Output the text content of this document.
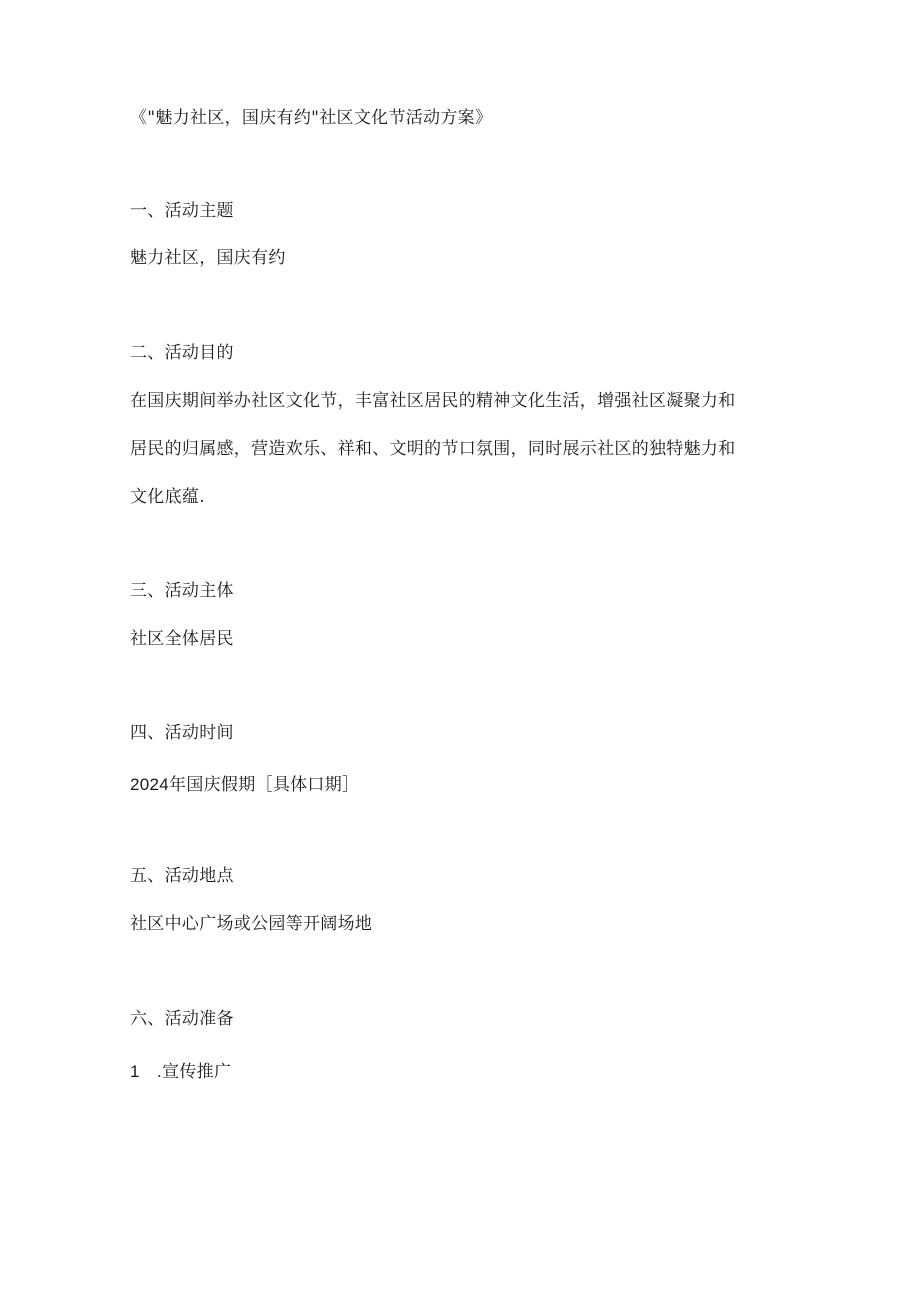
《"魅力社区，国庆有约"社区文化节活动方案》
一、活动主题
魅力社区，国庆有约
二、活动目的
在国庆期间举办社区文化节，丰富社区居民的精神文化生活，增强社区凝聚力和
居民的归属感，营造欢乐、祥和、文明的节口氛围，同时展示社区的独特魅力和
文化底蕴.
三、活动主体
社区全体居民
四、活动时间
2024年国庆假期［具体口期］
五、活动地点
社区中心广场或公园等开阔场地
六、活动准备
1　.宣传推广
